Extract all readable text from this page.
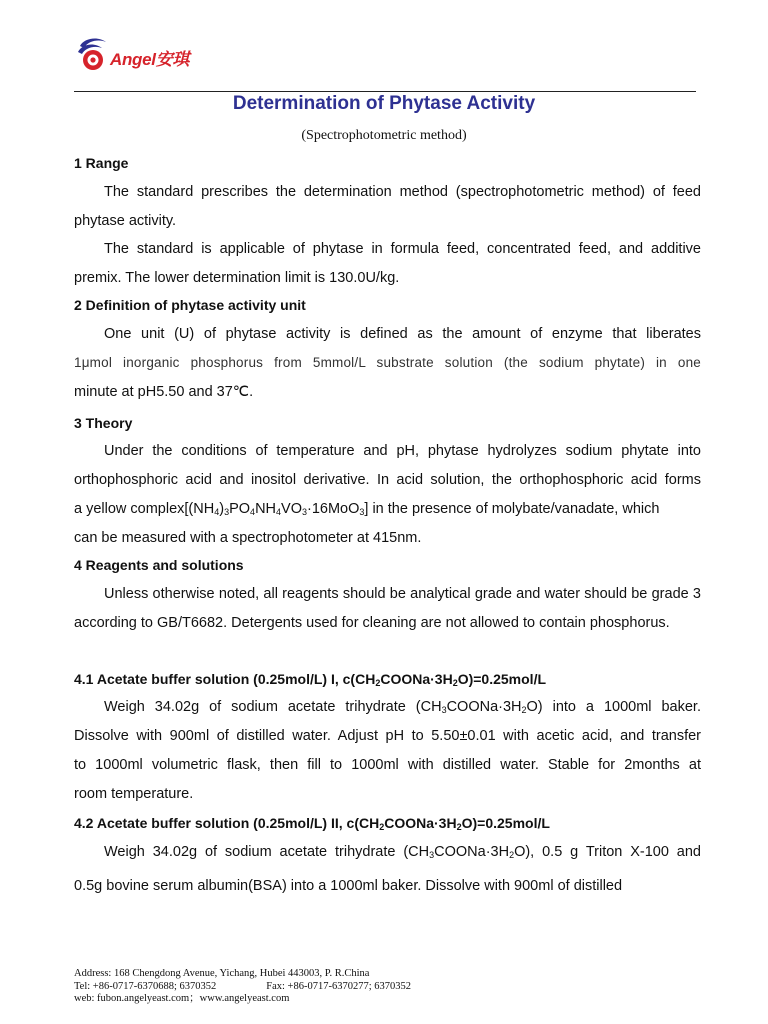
Angel安琪
Determination of Phytase Activity
(Spectrophotometric method)
1 Range
The standard prescribes the determination method (spectrophotometric method) of feed phytase activity.
The standard is applicable of phytase in formula feed, concentrated feed, and additive premix. The lower determination limit is 130.0U/kg.
2 Definition of phytase activity unit
One unit (U) of phytase activity is defined as the amount of enzyme that liberates
1μmol inorganic phosphorus from 5mmol/L substrate solution (the sodium phytate) in one
minute at pH5.50 and 37℃.
3 Theory
Under the conditions of temperature and pH, phytase hydrolyzes sodium phytate into
orthophosphoric acid and inositol derivative. In acid solution, the orthophosphoric acid forms
a yellow $complex[(NH_4)_3PO_4NH_4VO_3\cdot 16MoO_3]$ in the presence of molybate/vanadate, which
can be measured with a spectrophotometer at 415nm.
4 Reagents and solutions
Unless otherwise noted, all reagents should be analytical grade and water should be grade 3 according to GB/T6682. Detergents used for cleaning are not allowed to contain phosphorus.
4.1 Acetate buffer solution (0.25mol/L) I, $c(CH_2COONa\cdot 3H_2O)=0.25mol/L$
Weigh 34.02g of sodium acetate trihydrate $(CH_3COONa\cdot 3H_2O)$ into a 1000ml baker.
Dissolve with 900ml of distilled water. Adjust pH to 5.50±0.01 with acetic acid, and transfer
to 1000ml volumetric flask, then fill to 1000ml with distilled water. Stable for 2months at
room temperature.
4.2 Acetate buffer solution (0.25mol/L) II, $c(CH_2COONa\cdot 3H_2O)=0.25mol/L$
Weigh 34.02g of sodium acetate trihydrate $(CH_3COONa\cdot 3H_2O)$, 0.5 g Triton X-100 and
0.5g bovine serum albumin(BSA) into a 1000ml baker. Dissolve with 900ml of distilled
Address: 168 Chengdong Avenue, Yichang, Hubei 443003, P. R.China
Tel: +86-0717-6370688; 6370352	Fax: +86-0717-6370277; 6370352
web: fubon.angelyeast.com；www.angelyeast.com
